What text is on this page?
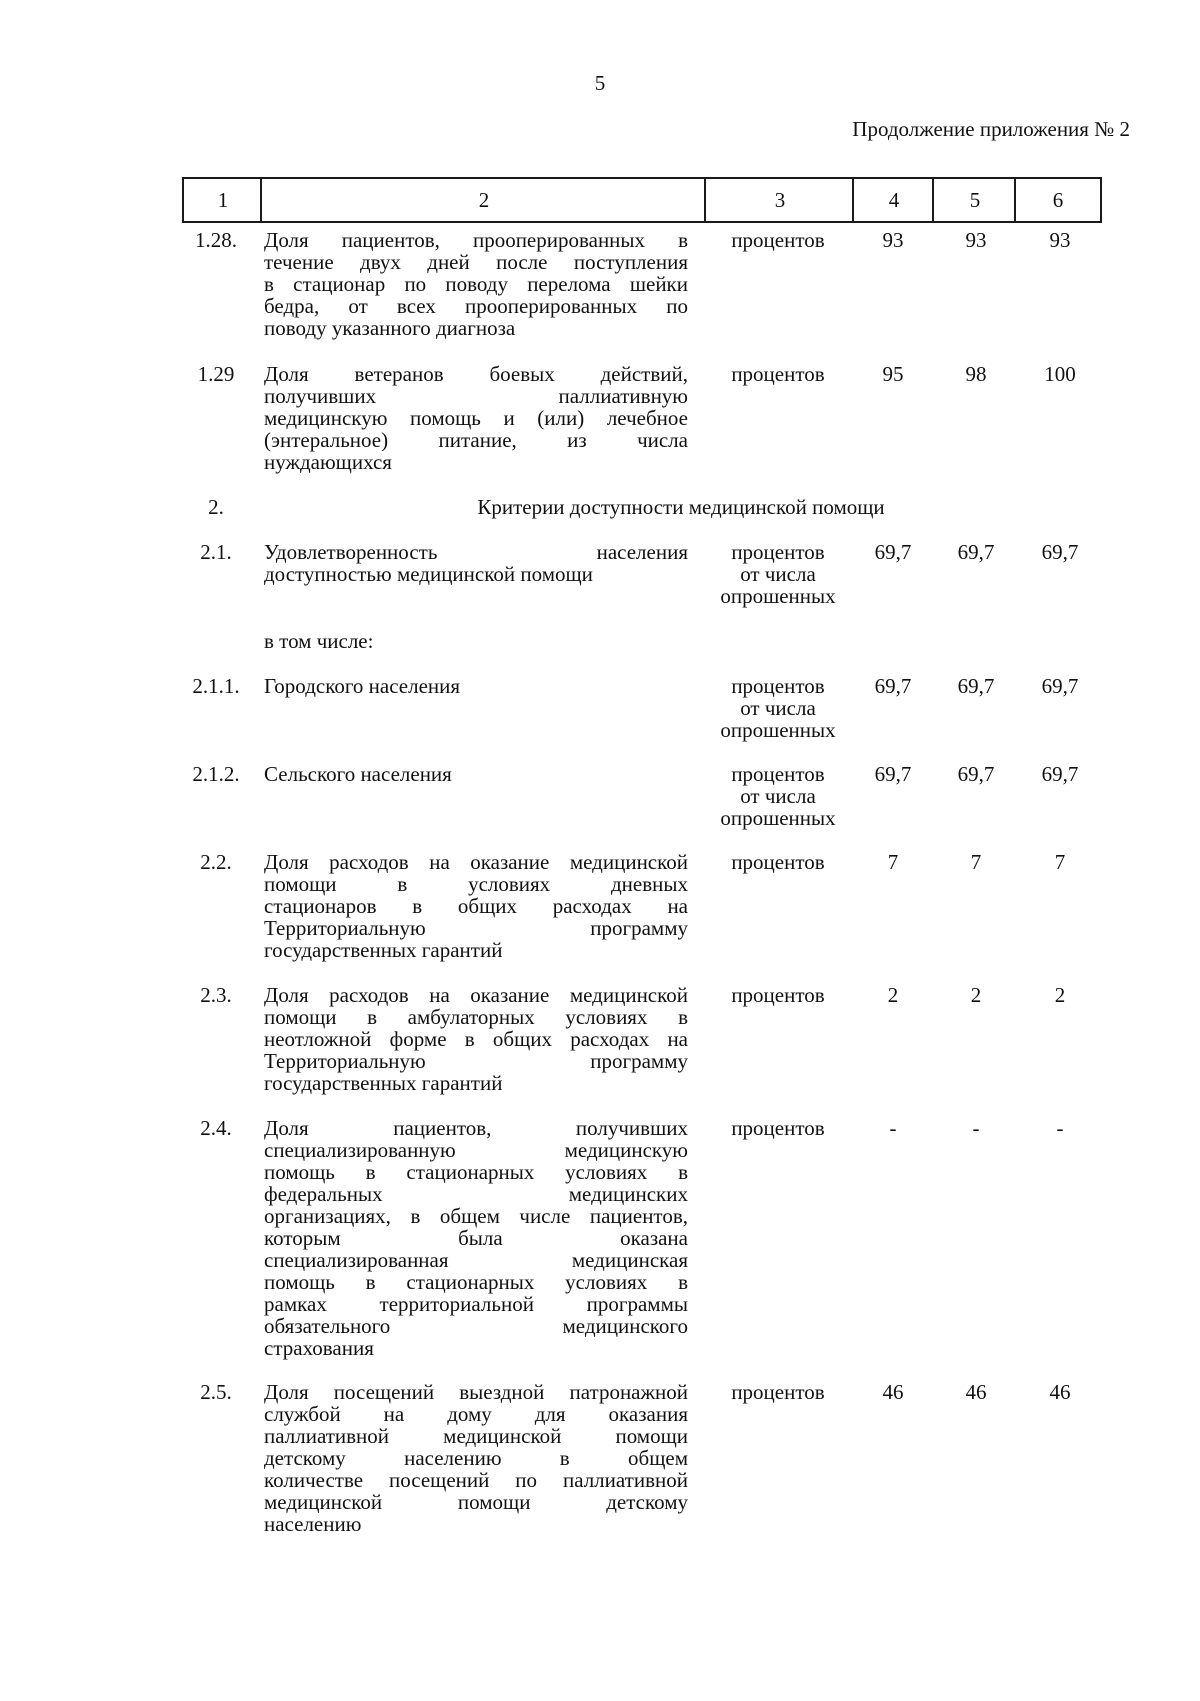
5
Продолжение приложения № 2
1	2	3	4	5	6
1.28.	Доля пациентов, прооперированных в
течение двух дней после поступления
в стационар по поводу перелома шейки
бедра, от всех прооперированных по
поводу указанного диагноза
процентов	93	93	93
1.29	Доля ветеранов боевых действий,
получивших паллиативную
медицинскую помощь и (или) лечебное
(энтеральное) питание, из числа
нуждающихся
процентов	95	98	100
2.	Критерии доступности медицинской помощи
2.1.	Удовлетворенность населения
доступностью медицинской помощи
процентов
от числа
опрошенных
69,7	69,7	69,7
в том числе:
2.1.1.	Городского населения	процентов
от числа
опрошенных
69,7	69,7	69,7
2.1.2.	Сельского населения	процентов
от числа
опрошенных
69,7	69,7	69,7
2.2.	Доля расходов на оказание медицинской
помощи в условиях дневных
стационаров в общих расходах на
Территориальную программу
государственных гарантий
процентов	7	7	7
2.3.	Доля расходов на оказание медицинской
помощи в амбулаторных условиях в
неотложной форме в общих расходах на
Территориальную программу
государственных гарантий
процентов	2	2	2
2.4.	Доля пациентов, получивших
специализированную медицинскую
помощь в стационарных условиях в
федеральных медицинских
организациях, в общем числе пациентов,
которым была оказана
специализированная медицинская
помощь в стационарных условиях в
рамках территориальной программы
обязательного медицинского
страхования
процентов	-	-	-
2.5.	Доля посещений выездной патронажной
службой на дому для оказания
паллиативной медицинской помощи
детскому населению в общем
количестве посещений по паллиативной
медицинской помощи детскому
населению
процентов	46	46	46
